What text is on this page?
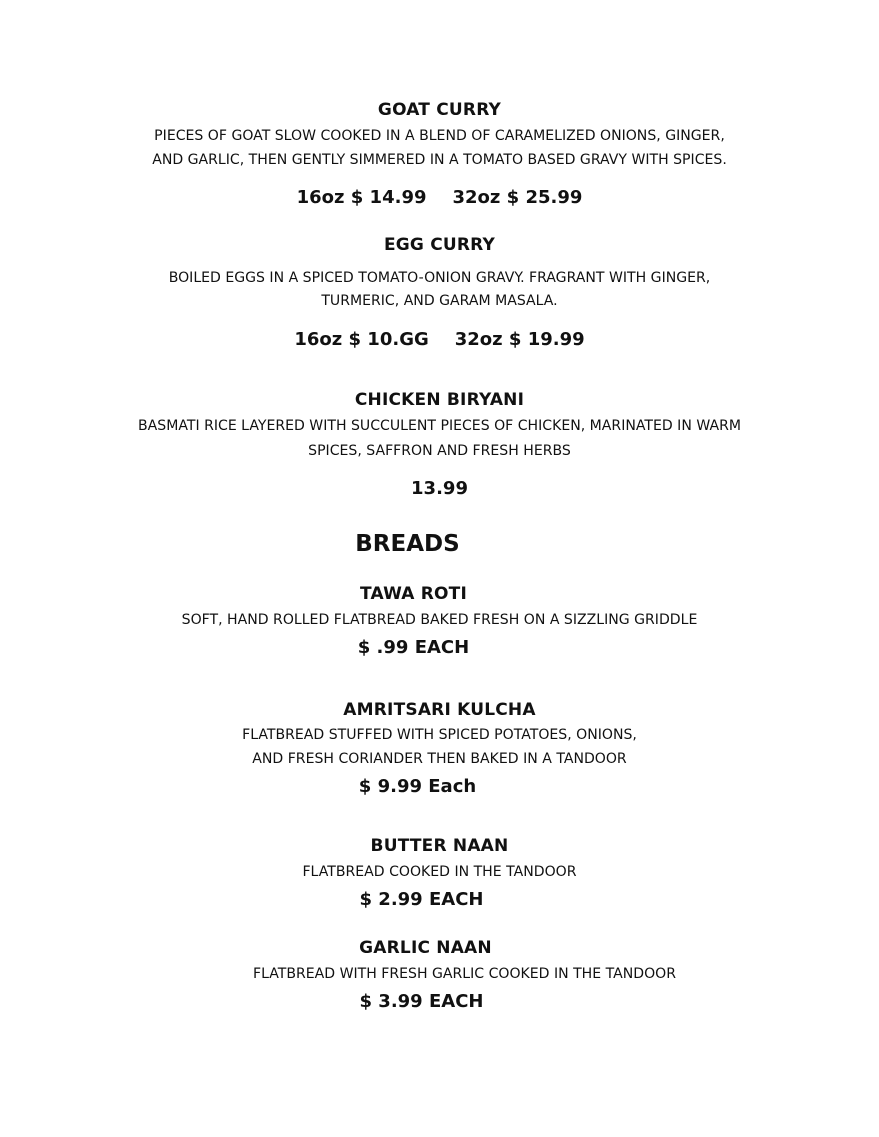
GOAT CURRY
PIECES OF GOAT SLOW COOKED IN A BLEND OF CARAMELIZED ONIONS, GINGER,
AND GARLIC, THEN GENTLY SIMMERED IN A TOMATO BASED GRAVY WITH SPICES.
16oz $ 14.99 32oz $ 25.99
EGG CURRY
BOILED EGGS IN A SPICED TOMATO-ONION GRAVY. FRAGRANT WITH GINGER,
TURMERIC, AND GARAM MASALA.
16oz $ 10.GG 32oz $ 19.99
CHICKEN BIRYANI
BASMATI RICE LAYERED WITH SUCCULENT PIECES OF CHICKEN, MARINATED IN WARM
SPICES, SAFFRON AND FRESH HERBS
13.99
BREADS
TAWA ROTI
SOFT, HAND ROLLED FLATBREAD BAKED FRESH ON A SIZZLING GRIDDLE
$ .99 EACH
AMRITSARI KULCHA
FLATBREAD STUFFED WITH SPICED POTATOES, ONIONS,
AND FRESH CORIANDER THEN BAKED IN A TANDOOR
$ 9.99 Each
BUTTER NAAN
FLATBREAD COOKED IN THE TANDOOR
$ 2.99 EACH
GARLIC NAAN
FLATBREAD WITH FRESH GARLIC COOKED IN THE TANDOOR
$ 3.99 EACH
